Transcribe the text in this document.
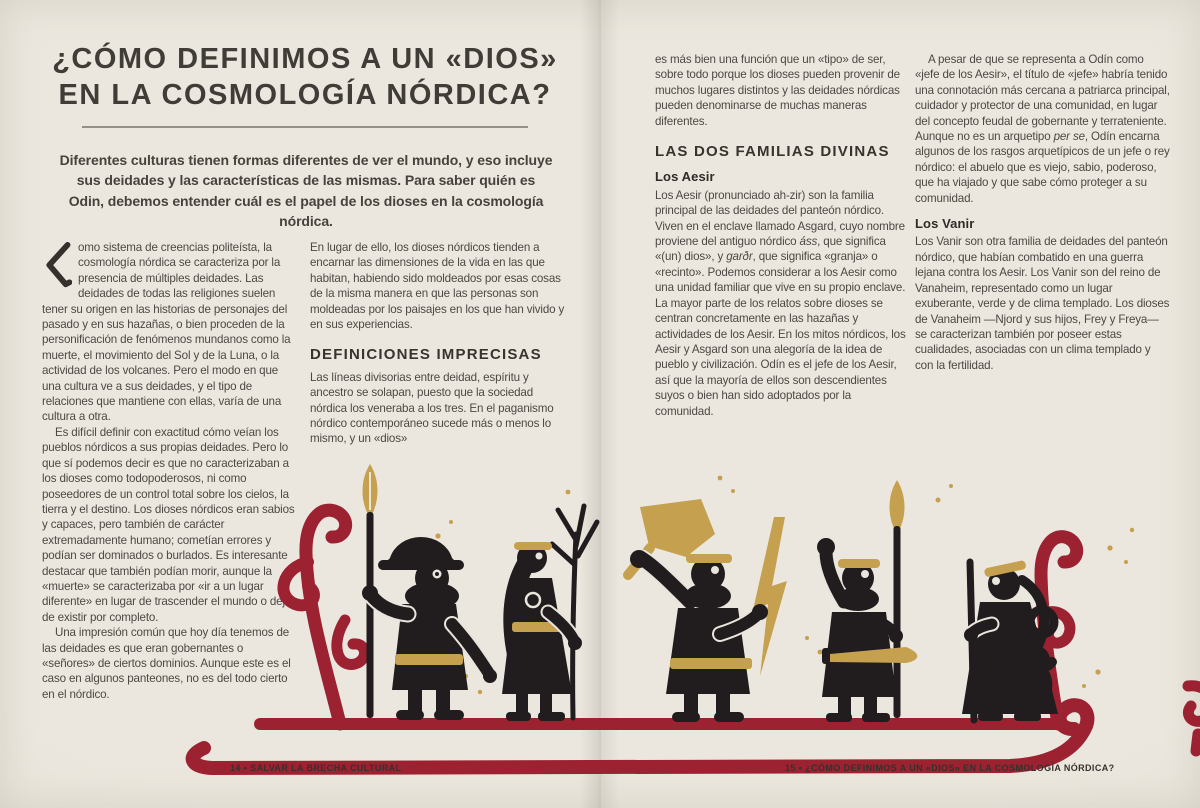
¿CÓMO DEFINIMOS A UN «DIOS»
EN LA COSMOLOGÍA NÓRDICA?
Diferentes culturas tienen formas diferentes de ver el mundo, y eso incluye sus deidades y las características de las mismas. Para saber quién es Odin, debemos entender cuál es el papel de los dioses en la cosmología nórdica.

omo sistema de creencias politeísta, la cosmología nórdica se caracteriza por la presencia de múltiples deidades. Las deidades de todas las religiones suelen tener su origen en las historias de personajes del pasado y en sus hazañas, o bien proceden de la personificación de fenómenos mundanos como la muerte, el movimiento del Sol y de la Luna, o la actividad de los volcanes. Pero el modo en que una cultura ve a sus deidades, y el tipo de relaciones que mantiene con ellas, varía de una cultura a otra.

Es difícil definir con exactitud cómo veían los pueblos nórdicos a sus propias deidades. Pero lo que sí podemos decir es que no caracterizaban a los dioses como todopoderosos, ni como poseedores de un control total sobre los cielos, la tierra y el destino. Los dioses nórdicos eran sabios y capaces, pero también de carácter extremadamente humano; cometían errores y podían ser dominados o burlados. Es interesante destacar que también podían morir, aunque la «muerte» se caracterizaba por «ir a un lugar diferente» en lugar de trascender el mundo o dejar de existir por completo.

Una impresión común que hoy día tenemos de las deidades es que eran gobernantes o «señores» de ciertos dominios. Aunque este es el caso en algunos panteones, no es del todo cierto en el nórdico.

En lugar de ello, los dioses nórdicos tienden a encarnar las dimensiones de la vida en las que habitan, habiendo sido moldeados por esas cosas de la misma manera en que las personas son moldeadas por los paisajes en los que han vivido y en sus experiencias.

DEFINICIONES IMPRECISAS

Las líneas divisorias entre deidad, espíritu y ancestro se solapan, puesto que la sociedad nórdica los veneraba a los tres. En el paganismo nórdico contemporáneo sucede más o menos lo mismo, y un «dios»

es más bien una función que un «tipo» de ser, sobre todo porque los dioses pueden provenir de muchos lugares distintos y las deidades nórdicas pueden denominarse de muchas maneras diferentes.

LAS DOS FAMILIAS DIVINAS
Los Aesir

Los Aesir (pronunciado ah-zir) son la familia principal de las deidades del panteón nórdico. Viven en el enclave llamado Asgard, cuyo nombre proviene del antiguo nórdico áss, que significa «(un) dios», y garðr, que significa «granja» o «recinto». Podemos considerar a los Aesir como una unidad familiar que vive en su propio enclave. La mayor parte de los relatos sobre dioses se centran concretamente en las hazañas y actividades de los Aesir. En los mitos nórdicos, los Aesir y Asgard son una alegoría de la idea de pueblo y civilización. Odín es el jefe de los Aesir, así que la mayoría de ellos son descendientes suyos o bien han sido adoptados por la comunidad.

A pesar de que se representa a Odín como «jefe de los Aesir», el título de «jefe» habría tenido una connotación más cercana a patriarca principal, cuidador y protector de una comunidad, en lugar del concepto feudal de gobernante y terrateniente. Aunque no es un arquetipo per se, Odín encarna algunos de los rasgos arquetípicos de un jefe o rey nórdico: el abuelo que es viejo, sabio, poderoso, que ha viajado y que sabe cómo proteger a su comunidad.

Los Vanir

Los Vanir son otra familia de deidades del panteón nórdico, que habían combatido en una guerra lejana contra los Aesir. Los Vanir son del reino de Vanaheim, representado como un lugar exuberante, verde y de clima templado. Los dioses de Vanaheim —Njord y sus hijos, Frey y Freya— se caracterizan también por poseer estas cualidades, asociadas con un clima templado y con la fertilidad.

14 • SALVAR LA BRECHA CULTURAL	15 • ¿CÓMO DEFINIMOS A UN «DIOS» EN LA COSMOLOGÍA NÓRDICA?
